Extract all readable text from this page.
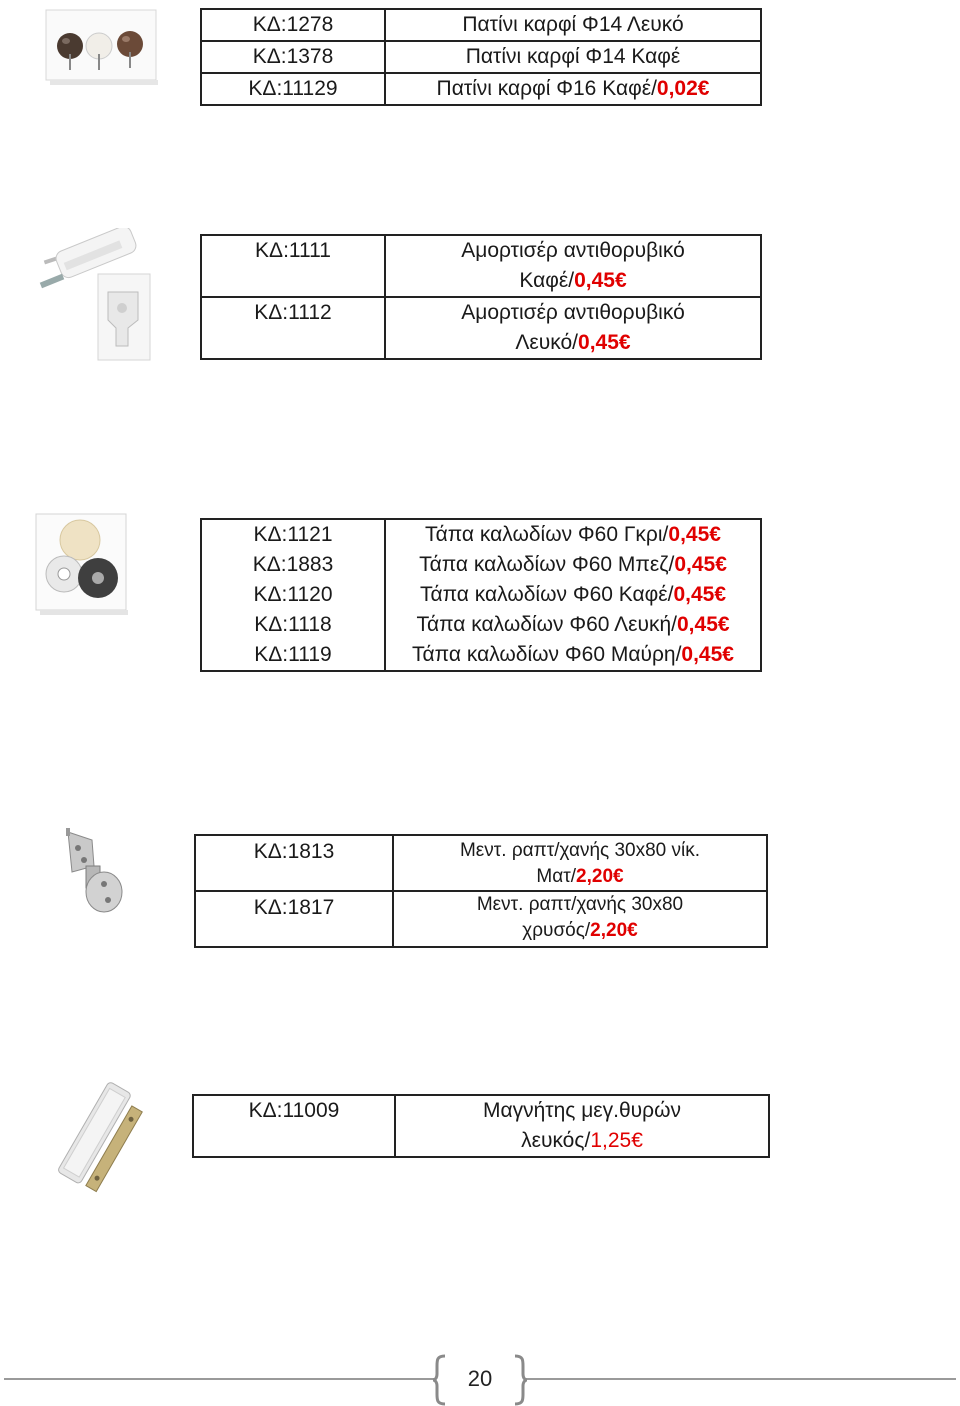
ΚΔ:1278	Πατίνι καρφί Φ14 Λευκό
ΚΔ:1378	Πατίνι καρφί Φ14 Καφέ
ΚΔ:11129	Πατίνι καρφί Φ16 Καφέ/0,02€
ΚΔ:1111	Αμορτισέρ αντιθορυβικό
Καφέ/0,45€

ΚΔ:1112	Αμορτισέρ αντιθορυβικό
Λευκό/0,45€
ΚΔ:1121	Τάπα καλωδίων Φ60 Γκρι/0,45€
ΚΔ:1883	Τάπα καλωδίων Φ60 Μπεζ/0,45€
ΚΔ:1120	Τάπα καλωδίων Φ60 Καφέ/0,45€
ΚΔ:1118	Τάπα καλωδίων Φ60 Λευκή/0,45€
ΚΔ:1119	Τάπα καλωδίων Φ60 Μαύρη/0,45€
ΚΔ:1813	Μεντ. ραπτ/χανής 30x80 νίκ.
Ματ/2,20€

ΚΔ:1817	Μεντ. ραπτ/χανής 30x80
χρυσός/2,20€
ΚΔ:11009	Μαγνήτης μεγ.θυρών
λευκός/1,25€
20
